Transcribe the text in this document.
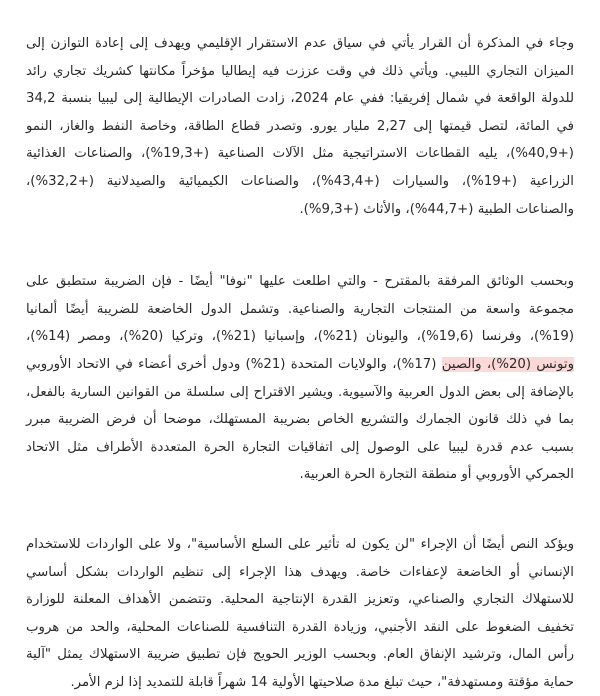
وجاء في المذكرة أن القرار يأتي في سياق عدم الاستقرار الإقليمي ويهدف إلى إعادة التوازن إلى الميزان التجاري الليبي. ويأتي ذلك في وقت عززت فيه إيطاليا مؤخراً مكانتها كشريك تجاري رائد للدولة الواقعة في شمال إفريقيا: ففي عام 2024، زادت الصادرات الإيطالية إلى ليبيا بنسبة 34,2 في المائة، لتصل قيمتها إلى 2,27 مليار يورو. وتصدر قطاع الطاقة، وخاصة النفط والغاز، النمو (+40,9%)، يليه القطاعات الاستراتيجية مثل الآلات الصناعية (+19,3%)، والصناعات الغذائية الزراعية (+19%)، والسيارات (+43,4%)، والصناعات الكيميائية والصيدلانية (+32,2%)، والصناعات الطبية (+44,7%)، والأثاث (+9,3%).

وبحسب الوثائق المرفقة بالمقترح - والتي اطلعت عليها "نوفا" أيضًا - فإن الضريبة ستطبق على مجموعة واسعة من المنتجات التجارية والصناعية. وتشمل الدول الخاضعة للضريبة أيضًا ألمانيا (19%)، وفرنسا (19,6%)، واليونان (21%)، وإسبانيا (21%)، وتركيا (20%)، ومصر (14%)، وتونس (20%)، والصين (17%)، والولايات المتحدة (21%) ودول أخرى أعضاء في الاتحاد الأوروبي بالإضافة إلى بعض الدول العربية والآسيوية. ويشير الاقتراح إلى سلسلة من القوانين السارية بالفعل، بما في ذلك قانون الجمارك والتشريع الخاص بضريبة المستهلك، موضحا أن فرض الضريبة مبرر بسبب عدم قدرة ليبيا على الوصول إلى اتفاقيات التجارة الحرة المتعددة الأطراف مثل الاتحاد الجمركي الأوروبي أو منطقة التجارة الحرة العربية.

ويؤكد النص أيضًا أن الإجراء "لن يكون له تأثير على السلع الأساسية"، ولا على الواردات للاستخدام الإنساني أو الخاضعة لإعفاءات خاصة. ويهدف هذا الإجراء إلى تنظيم الواردات بشكل أساسي للاستهلاك التجاري والصناعي، وتعزيز القدرة الإنتاجية المحلية. وتتضمن الأهداف المعلنة للوزارة تخفيف الضغوط على النقد الأجنبي، وزيادة القدرة التنافسية للصناعات المحلية، والحد من هروب رأس المال، وترشيد الإنفاق العام. وبحسب الوزير الحويج فإن تطبيق ضريبة الاستهلاك يمثل "آلية حماية مؤقتة ومستهدفة"، حيث تبلغ مدة صلاحيتها الأولية 14 شهراً قابلة للتمديد إذا لزم الأمر.
